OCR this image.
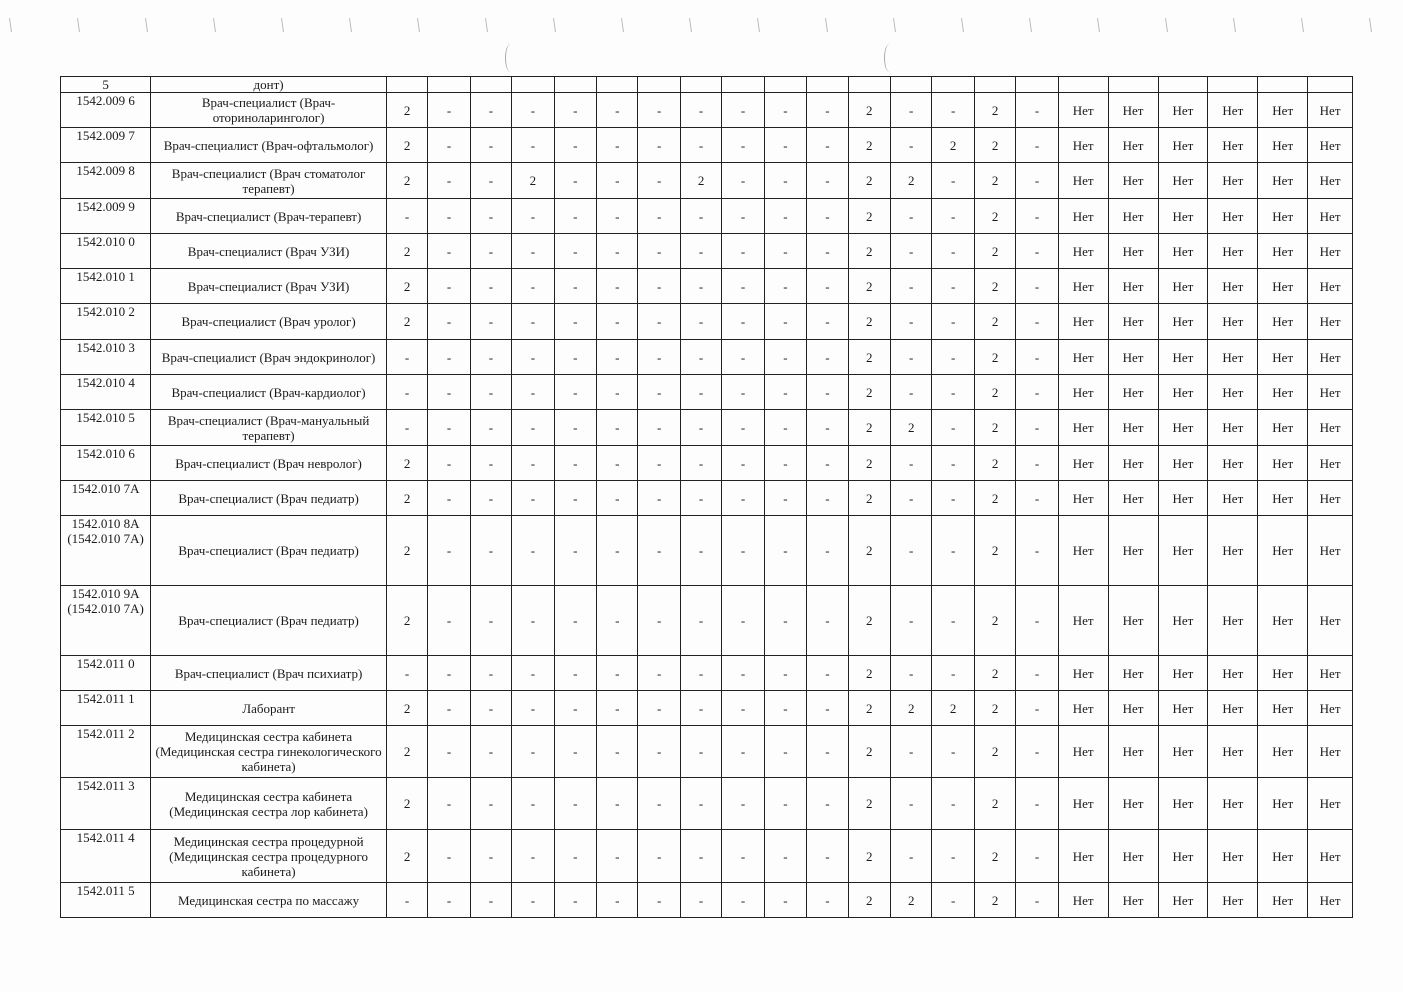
5	донт)																						
1542.009 6	Врач-специалист (Врач-оториноларинголог)	2	-	-	-	-	-	-	-	-	-	-	2	-	-	2	-	Нет	Нет	Нет	Нет	Нет	Нет
1542.009 7	Врач-специалист (Врач-офтальмолог)	2	-	-	-	-	-	-	-	-	-	-	2	-	2	2	-	Нет	Нет	Нет	Нет	Нет	Нет
1542.009 8	Врач-специалист (Врач стоматолог терапевт)	2	-	-	2	-	-	-	2	-	-	-	2	2	-	2	-	Нет	Нет	Нет	Нет	Нет	Нет
1542.009 9	Врач-специалист (Врач-терапевт)	-	-	-	-	-	-	-	-	-	-	-	2	-	-	2	-	Нет	Нет	Нет	Нет	Нет	Нет
1542.010 0	Врач-специалист (Врач УЗИ)	2	-	-	-	-	-	-	-	-	-	-	2	-	-	2	-	Нет	Нет	Нет	Нет	Нет	Нет
1542.010 1	Врач-специалист (Врач УЗИ)	2	-	-	-	-	-	-	-	-	-	-	2	-	-	2	-	Нет	Нет	Нет	Нет	Нет	Нет
1542.010 2	Врач-специалист (Врач уролог)	2	-	-	-	-	-	-	-	-	-	-	2	-	-	2	-	Нет	Нет	Нет	Нет	Нет	Нет
1542.010 3	Врач-специалист (Врач эндокринолог)	-	-	-	-	-	-	-	-	-	-	-	2	-	-	2	-	Нет	Нет	Нет	Нет	Нет	Нет
1542.010 4	Врач-специалист (Врач-кардиолог)	-	-	-	-	-	-	-	-	-	-	-	2	-	-	2	-	Нет	Нет	Нет	Нет	Нет	Нет
1542.010 5	Врач-специалист (Врач-мануальный терапевт)	-	-	-	-	-	-	-	-	-	-	-	2	2	-	2	-	Нет	Нет	Нет	Нет	Нет	Нет
1542.010 6	Врач-специалист (Врач невролог)	2	-	-	-	-	-	-	-	-	-	-	2	-	-	2	-	Нет	Нет	Нет	Нет	Нет	Нет
1542.010 7А	Врач-специалист (Врач педиатр)	2	-	-	-	-	-	-	-	-	-	-	2	-	-	2	-	Нет	Нет	Нет	Нет	Нет	Нет
1542.010 8А (1542.010 7А)	Врач-специалист (Врач педиатр)	2	-	-	-	-	-	-	-	-	-	-	2	-	-	2	-	Нет	Нет	Нет	Нет	Нет	Нет
1542.010 9А (1542.010 7А)	Врач-специалист (Врач педиатр)	2	-	-	-	-	-	-	-	-	-	-	2	-	-	2	-	Нет	Нет	Нет	Нет	Нет	Нет
1542.011 0	Врач-специалист (Врач психиатр)	-	-	-	-	-	-	-	-	-	-	-	2	-	-	2	-	Нет	Нет	Нет	Нет	Нет	Нет
1542.011 1	Лаборант	2	-	-	-	-	-	-	-	-	-	-	2	2	2	2	-	Нет	Нет	Нет	Нет	Нет	Нет
1542.011 2	Медицинская сестра кабинета (Медицинская сестра гинекологического кабинета)	2	-	-	-	-	-	-	-	-	-	-	2	-	-	2	-	Нет	Нет	Нет	Нет	Нет	Нет
1542.011 3	Медицинская сестра кабинета (Медицинская сестра лор кабинета)	2	-	-	-	-	-	-	-	-	-	-	2	-	-	2	-	Нет	Нет	Нет	Нет	Нет	Нет
1542.011 4	Медицинская сестра процедурной (Медицинская сестра процедурного кабинета)	2	-	-	-	-	-	-	-	-	-	-	2	-	-	2	-	Нет	Нет	Нет	Нет	Нет	Нет
1542.011 5	Медицинская сестра по массажу	-	-	-	-	-	-	-	-	-	-	-	2	2	-	2	-	Нет	Нет	Нет	Нет	Нет	Нет
